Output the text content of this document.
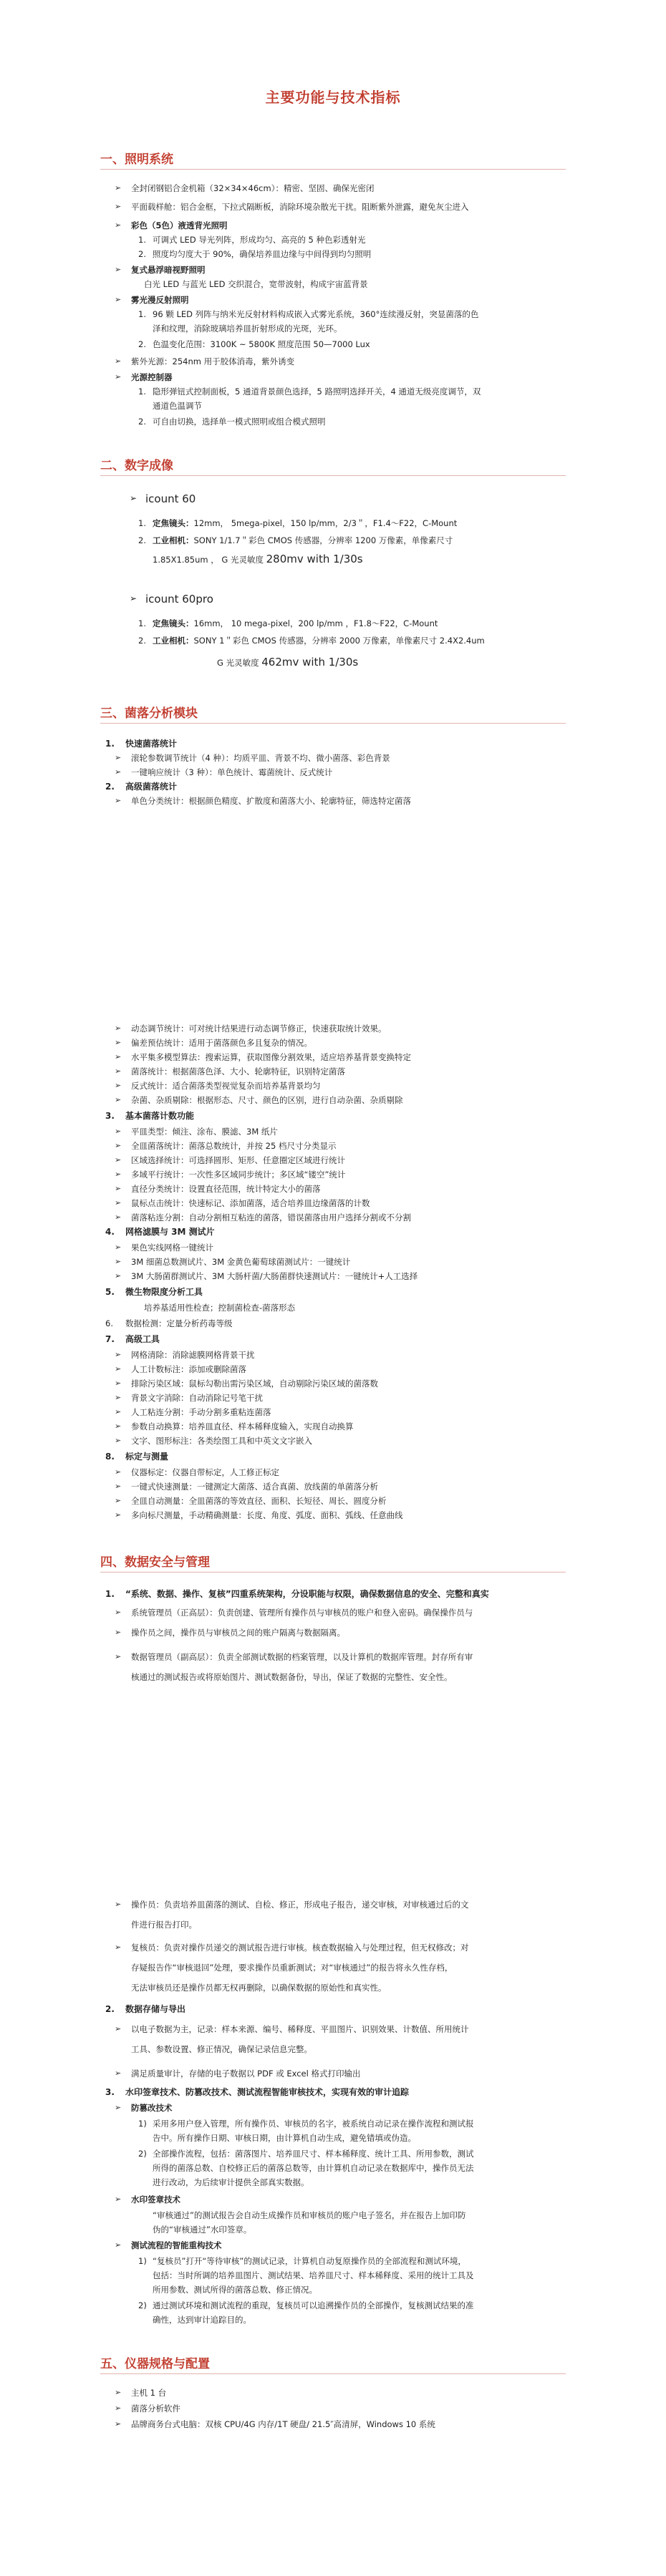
主要功能与技术指标
一、照明系统
➢ 全封闭钢铝合金机箱（32×34×46cm）：精密、坚固、确保光密闭
➢ 平面载样舱：铝合金框，下拉式隔断板，消除环境杂散光干扰。阻断紫外泄露，避免灰尘进入
➢ 彩色（5色）液透背光照明
1. 可调式 LED 导光列阵，形成均匀、高亮的 5 种色彩透射光
2. 照度均匀度大于 90%，确保培养皿边缘与中间得到均匀照明
➢ 复式悬浮暗视野照明
白光 LED 与蓝光 LED 交织混合，宽带波射，构成宇宙蓝背景
➢ 雾光漫反射照明
1. 96 颗 LED 列阵与纳米光反射材料构成嵌入式雾光系统，360°连续漫反射，突显菌落的色
泽和纹理，消除玻璃培养皿折射形成的光斑，光环。
2. 色温变化范围：3100K ~ 5800K 照度范围 50—7000 Lux
➢ 紫外光源：254nm 用于胶体消毒，紫外诱变
➢ 光源控制器
1. 隐形弹钮式控制面板，5 通道背景颜色选择，5 路照明选择开关，4 通道无级亮度调节，双
通道色温调节
2. 可自由切换，选择单一模式照明或组合模式照明
二、数字成像
➢ icount 60
1. 定焦镜头：12mm， 5mega-pixel，150 lp/mm，2/3＂，F1.4～F22，C-Mount
2. 工业相机：SONY 1/1.7＂彩色 CMOS 传感器，分辨率 1200 万像素，单像素尺寸
1.85X1.85um ， G 光灵敏度 280mv with 1/30s
➢ icount 60pro
1. 定焦镜头：16mm， 10 mega-pixel，200 lp/mm ，F1.8～F22，C-Mount
2. 工业相机：SONY 1＂彩色 CMOS 传感器，分辨率 2000 万像素，单像素尺寸 2.4X2.4um
G 光灵敏度 462mv with 1/30s
三、菌落分析模块
1. 快速菌落统计
➢ 滚轮参数调节统计（4 种）：均质平皿、背景不均、微小菌落、彩色背景
➢ 一键响应统计（3 种）：单色统计、霉菌统计、反式统计
2. 高级菌落统计
➢ 单色分类统计：根据颜色精度、扩散度和菌落大小、轮廓特征，筛选特定菌落
➢ 动态调节统计：可对统计结果进行动态调节修正，快速获取统计效果。
➢ 偏差预估统计：适用于菌落颜色多且复杂的情况。
➢ 水平集多模型算法：搜索运算，获取图像分割效果，适应培养基背景变换特定
➢ 菌落统计：根据菌落色泽、大小、轮廓特征，识别特定菌落
➢ 反式统计：适合菌落类型视觉复杂而培养基背景均匀
➢ 杂菌、杂质剔除：根据形态、尺寸、颜色的区别，进行自动杂菌、杂质剔除
3. 基本菌落计数功能
➢ 平皿类型：倾注、涂布、膜滤、3M 纸片
➢ 全皿菌落统计：菌落总数统计，并按 25 档尺寸分类显示
➢ 区域选择统计：可选择圆形、矩形、任意圈定区域进行统计
➢ 多域平行统计：一次性多区域同步统计；多区域“镂空”统计
➢ 直径分类统计：设置直径范围，统计特定大小的菌落
➢ 鼠标点击统计：快速标记、添加菌落，适合培养皿边缘菌落的计数
➢ 菌落粘连分割：自动分割相互粘连的菌落，错误菌落由用户选择分割或不分割
4. 网格滤膜与 3M 测试片
➢ 果色实线网格一键统计
➢ 3M 细菌总数测试片、3M 金黄色葡萄球菌测试片：一键统计
➢ 3M 大肠菌群测试片、3M 大肠杆菌/大肠菌群快速测试片：一键统计+人工选择
5. 微生物限度分析工具
培养基适用性检查；控制菌检查-菌落形态
6. 数据检测：定量分析药毒等级
7. 高级工具
➢ 网格清除：消除滤膜网格背景干扰
➢ 人工计数标注：添加或删除菌落
➢ 排除污染区域：鼠标勾勒出需污染区域，自动剔除污染区域的菌落数
➢ 背景文字消除：自动消除记号笔干扰
➢ 人工粘连分割：手动分割多重粘连菌落
➢ 参数自动换算：培养皿直径、样本稀释度输入，实现自动换算
➢ 文字、图形标注：各类绘图工具和中英文文字嵌入
8. 标定与测量
➢ 仪器标定：仪器自带标定，人工修正标定
➢ 一键式快速测量：一键测定大菌落、适合真菌、放线菌的单菌落分析
➢ 全皿自动测量：全皿菌落的等效直径、面积、长短径、周长、圆度分析
➢ 多向标尺测量，手动精确测量：长度、角度、弧度、面积、弧线、任意曲线
四、数据安全与管理
1. “系统、数据、操作、复核”四重系统架构，分设职能与权限，确保数据信息的安全、完整和真实
➢ 系统管理员（正高层）：负责创建、管理所有操作员与审核员的账户和登入密码。确保操作员与
➢ 操作员之间，操作员与审核员之间的账户隔离与数据隔离。
➢ 数据管理员（副高层）：负责全部测试数据的档案管理，以及计算机的数据库管理。封存所有审
核通过的测试报告或将原始图片、测试数据备份，导出，保证了数据的完整性、安全性。
➢ 操作员：负责培养皿菌落的测试、自检、修正，形成电子报告，递交审核，对审核通过后的文
件进行报告打印。
➢ 复核员：负责对操作员递交的测试报告进行审核。核查数据输入与处理过程，但无权修改；对
存疑报告作“审核退回”处理，要求操作员重新测试；对“审核通过”的报告将永久性存档，
无法审核员还是操作员都无权再删除，以确保数据的原始性和真实性。
2. 数据存储与导出
➢ 以电子数据为主，记录：样本来源、编号、稀释度、平皿图片、识别效果、计数值、所用统计
工具、参数设置、修正情况，确保记录信息完整。
➢ 满足质量审计，存储的电子数据以 PDF 或 Excel 格式打印输出
3. 水印签章技术、防篡改技术、测试流程智能审核技术，实现有效的审计追踪
➢ 防篡改技术
1) 采用多用户登入管理，所有操作员、审核员的名字，被系统自动记录在操作流程和测试报
告中。所有操作日期、审核日期，由计算机自动生成，避免错填或伪造。
2) 全部操作流程，包括：菌落图片、培养皿尺寸、样本稀释度、统计工具、所用参数，测试
所得的菌落总数、自校修正后的菌落总数等，由计算机自动记录在数据库中，操作员无法
进行改动，为后续审计提供全部真实数据。
➢ 水印签章技术
“审核通过”的测试报告会自动生成操作员和审核员的账户电子签名，并在报告上加印防
伪的“审核通过”水印签章。
➢ 测试流程的智能重构技术
1) “复核员”打开“等待审核”的测试记录，计算机自动复原操作员的全部流程和测试环境，
包括：当时所调的培养皿图片、测试结果、培养皿尺寸、样本稀释度、采用的统计工具及
所用参数、测试所得的菌落总数、修正情况。
2) 通过测试环境和测试流程的重现，复核员可以追溯操作员的全部操作，复核测试结果的准
确性，达到审计追踪目的。
五、仪器规格与配置
➢ 主机 1 台
➢ 菌落分析软件
➢ 品牌商务台式电脑：双核 CPU/4G 内存/1T 硬盘/ 21.5″高清屏，Windows 10 系统
